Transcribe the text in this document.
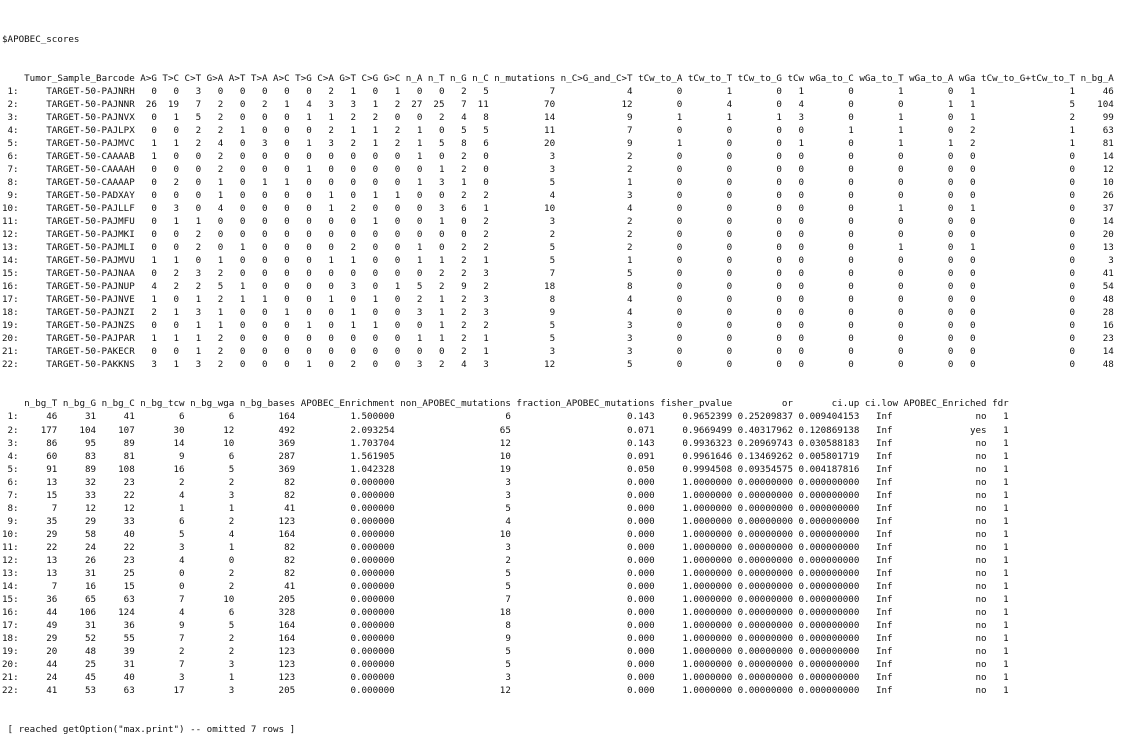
$APOBEC_scores

Tumor_Sample_Barcode A>G T>C C>T G>A A>T T>A A>C T>G C>A G>T C>G G>C n_A n_T n_G n_C n_mutations n_C>G_and_C>T tCw_to_A tCw_to_T tCw_to_G tCw wGa_to_C wGa_to_T wGa_to_A wGa tCw_to_G+tCw_to_T n_bg_A
1:	TARGET-50-PAJNRH 0 0 3 0 0 0 0 0 2 1 0 1 0 0 2 5	7	4	0	1	0 1	0	1	0 1	1	46
2:	TARGET-50-PAJNNR 26 19 7 2 0 2 1 4 3 3 1 2 27 25 7 11	70	12	0	4	0 4	0	0	1 1	5 104
3:	TARGET-50-PAJNVX 0 1 5 2 0 0 0 1 1 2 2 0 0 2 4 8	14	9	1	1	1 3	0	1	0 1	2	99
4:	TARGET-50-PAJLPX 0 0 2 2 1 0 0 0 2 1 1 2 1 0 5 5	11	7	0	0	0 0	1	1	0 2	1	63
5:	TARGET-50-PAJMVC 1 1 2 4 0 3 0 1 3 2 1 2 1 5 8 6	20	9	1	0	0 1	0	1	1 2	1	81
6:	TARGET-50-CAAAAB 1 0 0 2 0 0 0 0 0 0 0 0 1 0 2 0	3	2	0	0	0 0	0	0	0 0	0	14
7:	TARGET-50-CAAAAH 0 0 0 2 0 0 0 1 0 0 0 0 0 1 2 0	3	2	0	0	0 0	0	0	0 0	0	12
8:	TARGET-50-CAAAAP 0 2 0 1 0 1 1 0 0 0 0 0 1 3 1 0	5	1	0	0	0 0	0	0	0 0	0	10
9:	TARGET-50-PADXAY 0 0 0 1 0 0 0 0 1 0 1 1 0 0 2 2	4	3	0	0	0 0	0	0	0 0	0	26
10:	TARGET-50-PAJLLF 0 3 0 4 0 0 0 0 1 2 0 0 0 3 6 1	10	4	0	0	0 0	0	1	0 1	0	37
11:	TARGET-50-PAJMFU 0 1 1 0 0 0 0 0 0 0 1 0 0 1 0 2	3	2	0	0	0 0	0	0	0 0	0	14
12:	TARGET-50-PAJMKI 0 0 2 0 0 0 0 0 0 0 0 0 0 0 0 2	2	2	0	0	0 0	0	0	0 0	0	20
13:	TARGET-50-PAJMLI 0 0 2 0 1 0 0 0 0 2 0 0 1 0 2 2	5	2	0	0	0 0	0	1	0 1	0	13
14:	TARGET-50-PAJMVU 1 1 0 1 0 0 0 0 1 1 0 0 1 1 2 1	5	1	0	0	0 0	0	0	0 0	0	3
15:	TARGET-50-PAJNAA 0 2 3 2 0 0 0 0 0 0 0 0 0 2 2 3	7	5	0	0	0 0	0	0	0 0	0	41
16:	TARGET-50-PAJNUP 4 2 2 5 1 0 0 0 0 3 0 1 5 2 9 2	18	8	0	0	0 0	0	0	0 0	0	54
17:	TARGET-50-PAJNVE 1 0 1 2 1 1 0 0 1 0 1 0 2 1 2 3	8	4	0	0	0 0	0	0	0 0	0	48
18:	TARGET-50-PAJNZI 2 1 3 1 0 0 1 0 0 1 0 0 3 1 2 3	9	4	0	0	0 0	0	0	0 0	0	28
19:	TARGET-50-PAJNZS 0 0 1 1 0 0 0 1 0 1 1 0 0 1 2 2	5	3	0	0	0 0	0	0	0 0	0	16
20:	TARGET-50-PAJPAR 1 1 1 2 0 0 0 0 0 0 0 0 1 1 2 1	5	3	0	0	0 0	0	0	0 0	0	23
21:	TARGET-50-PAKECR 0 0 1 2 0 0 0 0 0 0 0 0 0 0 2 1	3	3	0	0	0 0	0	0	0 0	0	14
22:	TARGET-50-PAKKNS 3 1 3 2 0 0 0 1 0 2 0 0 3 2 4 3	12	5	0	0	0 0	0	0	0 0	0	48

n_bg_T n_bg_G n_bg_C n_bg_tcw n_bg_wga n_bg_bases APOBEC_Enrichment non_APOBEC_mutations fraction_APOBEC_mutations fisher_pvalue	or	ci.up ci.low APOBEC_Enriched fdr
1:	46	31	41	6	6	164	1.500000	6	0.143	0.9652399 0.25209837 0.009404153 Inf	no 1
2: 177 104 107	30	12	492	2.093254	65	0.071	0.9669499 0.40317962 0.120869138 Inf	yes 1
3:	86	95	89	14	10	369	1.703704	12	0.143	0.9936323 0.20969743 0.030588183 Inf	no 1
4:	60	83	81	9	6	287	1.561905	10	0.091	0.9961646 0.13469262 0.005801719 Inf	no 1
5:	91	89 108	16	5	369	1.042328	19	0.050	0.9994508 0.09354575 0.004187816 Inf	no 1
6:	13	32	23	2	2	82	0.000000	3	0.000	1.0000000 0.00000000 0.000000000 Inf	no 1
7:	15	33	22	4	3	82	0.000000	3	0.000	1.0000000 0.00000000 0.000000000 Inf	no 1
8:	7	12	12	1	1	41	0.000000	5	0.000	1.0000000 0.00000000 0.000000000 Inf	no 1
9:	35	29	33	6	2	123	0.000000	4	0.000	1.0000000 0.00000000 0.000000000 Inf	no 1
10:	29	58	40	5	4	164	0.000000	10	0.000	1.0000000 0.00000000 0.000000000 Inf	no 1
11:	22	24	22	3	1	82	0.000000	3	0.000	1.0000000 0.00000000 0.000000000 Inf	no 1
12:	13	26	23	4	0	82	0.000000	2	0.000	1.0000000 0.00000000 0.000000000 Inf	no 1
13:	13	31	25	0	2	82	0.000000	5	0.000	1.0000000 0.00000000 0.000000000 Inf	no 1
14:	7	16	15	0	2	41	0.000000	5	0.000	1.0000000 0.00000000 0.000000000 Inf	no 1
15:	36	65	63	7	10	205	0.000000	7	0.000	1.0000000 0.00000000 0.000000000 Inf	no 1
16:	44 106 124	4	6	328	0.000000	18	0.000	1.0000000 0.00000000 0.000000000 Inf	no 1
17:	49	31	36	9	5	164	0.000000	8	0.000	1.0000000 0.00000000 0.000000000 Inf	no 1
18:	29	52	55	7	2	164	0.000000	9	0.000	1.0000000 0.00000000 0.000000000 Inf	no 1
19:	20	48	39	2	2	123	0.000000	5	0.000	1.0000000 0.00000000 0.000000000 Inf	no 1
20:	44	25	31	7	3	123	0.000000	5	0.000	1.0000000 0.00000000 0.000000000 Inf	no 1
21:	24	45	40	3	1	123	0.000000	3	0.000	1.0000000 0.00000000 0.000000000 Inf	no 1
22:	41	53	63	17	3	205	0.000000	12	0.000	1.0000000 0.00000000 0.000000000 Inf	no 1

[ reached getOption("max.print") -- omitted 7 rows ]
